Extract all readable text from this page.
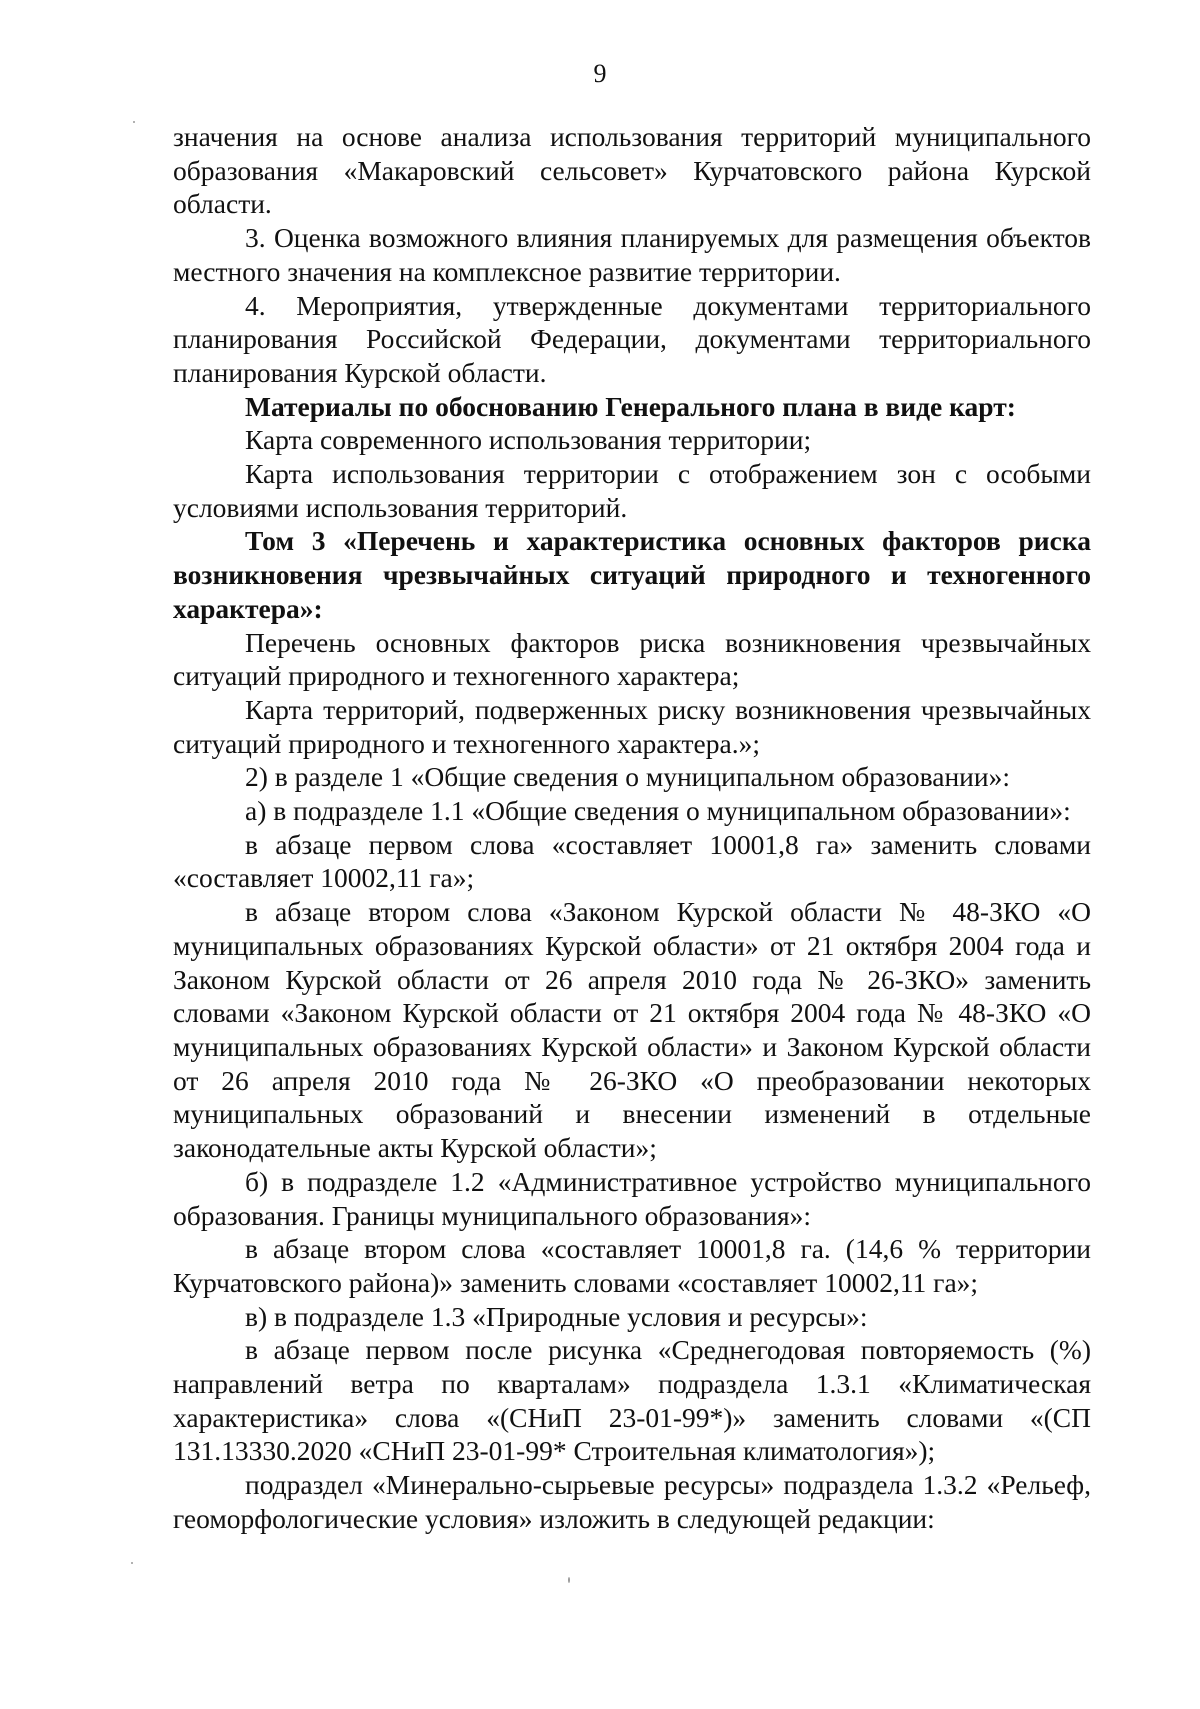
9

значения на основе анализа использования территорий муниципального образования «Макаровский сельсовет» Курчатовского района Курской области.

3. Оценка возможного влияния планируемых для размещения объектов местного значения на комплексное развитие территории.

4. Мероприятия, утвержденные документами территориального планирования Российской Федерации, документами территориального планирования Курской области.

Материалы по обоснованию Генерального плана в виде карт:

Карта современного использования территории;

Карта использования территории с отображением зон с особыми условиями использования территорий.

Том 3 «Перечень и характеристика основных факторов риска возникновения чрезвычайных ситуаций природного и техногенного характера»:

Перечень основных факторов риска возникновения чрезвычайных ситуаций природного и техногенного характера;

Карта территорий, подверженных риску возникновения чрезвычайных ситуаций природного и техногенного характера.»;

2) в разделе 1 «Общие сведения о муниципальном образовании»:

а) в подразделе 1.1 «Общие сведения о муниципальном образовании»:

в абзаце первом слова «составляет 10001,8 га» заменить словами «составляет 10002,11 га»;

в абзаце втором слова «Законом Курской области № 48-ЗКО «О муниципальных образованиях Курской области» от 21 октября 2004 года и Законом Курской области от 26 апреля 2010 года № 26-ЗКО» заменить словами «Законом Курской области от 21 октября 2004 года № 48-ЗКО «О муниципальных образованиях Курской области» и Законом Курской области от 26 апреля 2010 года № 26-ЗКО «О преобразовании некоторых муниципальных образований и внесении изменений в отдельные законодательные акты Курской области»;

б) в подразделе 1.2 «Административное устройство муниципального образования. Границы муниципального образования»:

в абзаце втором слова «составляет 10001,8 га. (14,6 % территории Курчатовского района)» заменить словами «составляет 10002,11 га»;

в) в подразделе 1.3 «Природные условия и ресурсы»:

в абзаце первом после рисунка «Среднегодовая повторяемость (%) направлений ветра по кварталам» подраздела 1.3.1 «Климатическая характеристика» слова «(СНиП 23-01-99*)» заменить словами «(СП 131.13330.2020 «СНиП 23-01-99* Строительная климатология»);

подраздел «Минерально-сырьевые ресурсы» подраздела 1.3.2 «Рельеф, геоморфологические условия» изложить в следующей редакции:
